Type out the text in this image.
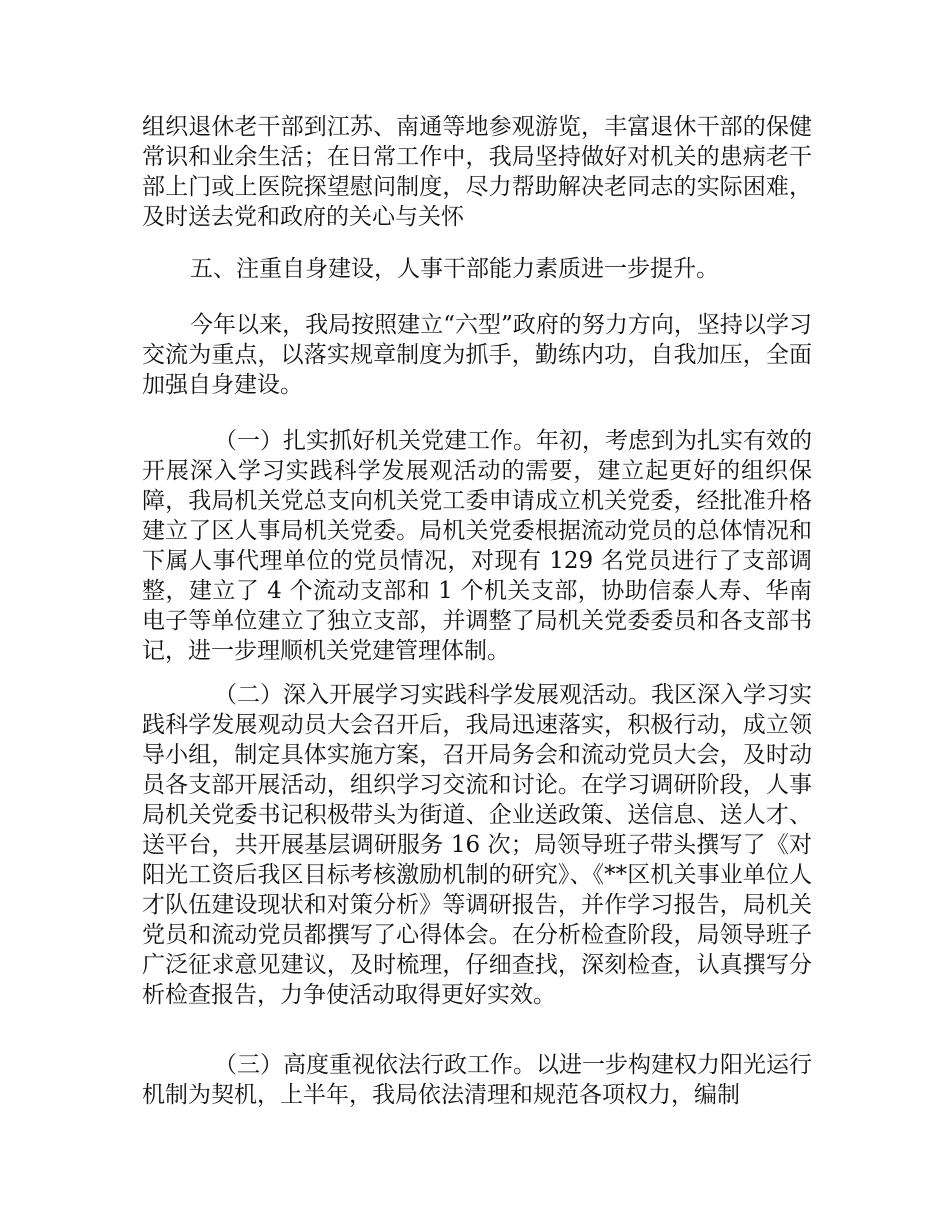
组织退休老干部到江苏、南通等地参观游览，丰富退休干部的保健常识和业余生活；在日常工作中，我局坚持做好对机关的患病老干部上门或上医院探望慰问制度，尽力帮助解决老同志的实际困难，及时送去党和政府的关心与关怀

五、注重自身建设，人事干部能力素质进一步提升。

今年以来，我局按照建立“六型”政府的努力方向，坚持以学习交流为重点，以落实规章制度为抓手，勤练内功，自我加压，全面加强自身建设。

（一）扎实抓好机关党建工作。年初，考虑到为扎实有效的开展深入学习实践科学发展观活动的需要，建立起更好的组织保障，我局机关党总支向机关党工委申请成立机关党委，经批准升格建立了区人事局机关党委。局机关党委根据流动党员的总体情况和下属人事代理单位的党员情况，对现有 129 名党员进行了支部调整，建立了 4 个流动支部和 1 个机关支部，协助信泰人寿、华南电子等单位建立了独立支部，并调整了局机关党委委员和各支部书记，进一步理顺机关党建管理体制。

（二）深入开展学习实践科学发展观活动。我区深入学习实践科学发展观动员大会召开后，我局迅速落实，积极行动，成立领导小组，制定具体实施方案，召开局务会和流动党员大会，及时动员各支部开展活动，组织学习交流和讨论。在学习调研阶段，人事局机关党委书记积极带头为街道、企业送政策、送信息、送人才、送平台，共开展基层调研服务 16 次；局领导班子带头撰写了《对阳光工资后我区目标考核激励机制的研究》、《**区机关事业单位人才队伍建设现状和对策分析》等调研报告，并作学习报告，局机关党员和流动党员都撰写了心得体会。在分析检查阶段，局领导班子广泛征求意见建议，及时梳理，仔细查找，深刻检查，认真撰写分析检查报告，力争使活动取得更好实效。

（三）高度重视依法行政工作。以进一步构建权力阳光运行机制为契机，上半年，我局依法清理和规范各项权力，编制
